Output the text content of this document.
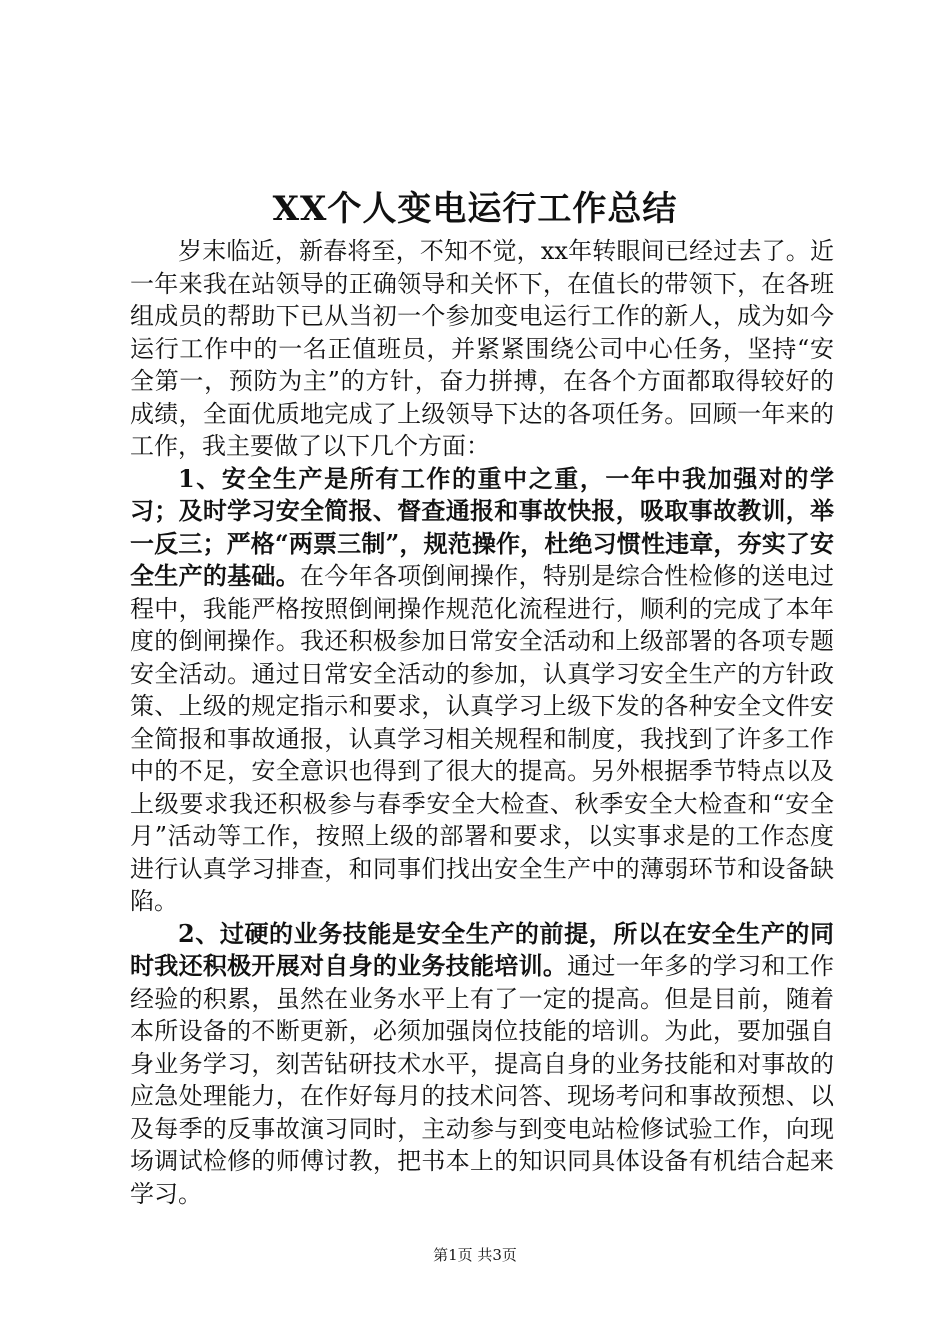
XX个人变电运行工作总结

岁末临近，新春将至，不知不觉，xx年转眼间已经过去了。近一年来我在站领导的正确领导和关怀下，在值长的带领下，在各班组成员的帮助下已从当初一个参加变电运行工作的新人，成为如今运行工作中的一名正值班员，并紧紧围绕公司中心任务，坚持“安全第一，预防为主”的方针，奋力拼搏，在各个方面都取得较好的成绩，全面优质地完成了上级领导下达的各项任务。回顾一年来的工作，我主要做了以下几个方面：

1、安全生产是所有工作的重中之重，一年中我加强对的学习；及时学习安全简报、督查通报和事故快报，吸取事故教训，举一反三；严格“两票三制”，规范操作，杜绝习惯性违章，夯实了安全生产的基础。在今年各项倒闸操作，特别是综合性检修的送电过程中，我能严格按照倒闸操作规范化流程进行，顺利的完成了本年度的倒闸操作。我还积极参加日常安全活动和上级部署的各项专题安全活动。通过日常安全活动的参加，认真学习安全生产的方针政策、上级的规定指示和要求，认真学习上级下发的各种安全文件安全简报和事故通报，认真学习相关规程和制度，我找到了许多工作中的不足，安全意识也得到了很大的提高。另外根据季节特点以及上级要求我还积极参与春季安全大检查、秋季安全大检查和“安全月”活动等工作，按照上级的部署和要求，以实事求是的工作态度进行认真学习排查，和同事们找出安全生产中的薄弱环节和设备缺陷。

2、过硬的业务技能是安全生产的前提，所以在安全生产的同时我还积极开展对自身的业务技能培训。通过一年多的学习和工作经验的积累，虽然在业务水平上有了一定的提高。但是目前，随着本所设备的不断更新，必须加强岗位技能的培训。为此，要加强自身业务学习，刻苦钻研技术水平，提高自身的业务技能和对事故的应急处理能力，在作好每月的技术问答、现场考问和事故预想、以及每季的反事故演习同时，主动参与到变电站检修试验工作，向现场调试检修的师傅讨教，把书本上的知识同具体设备有机结合起来学习。

第1页 共3页
